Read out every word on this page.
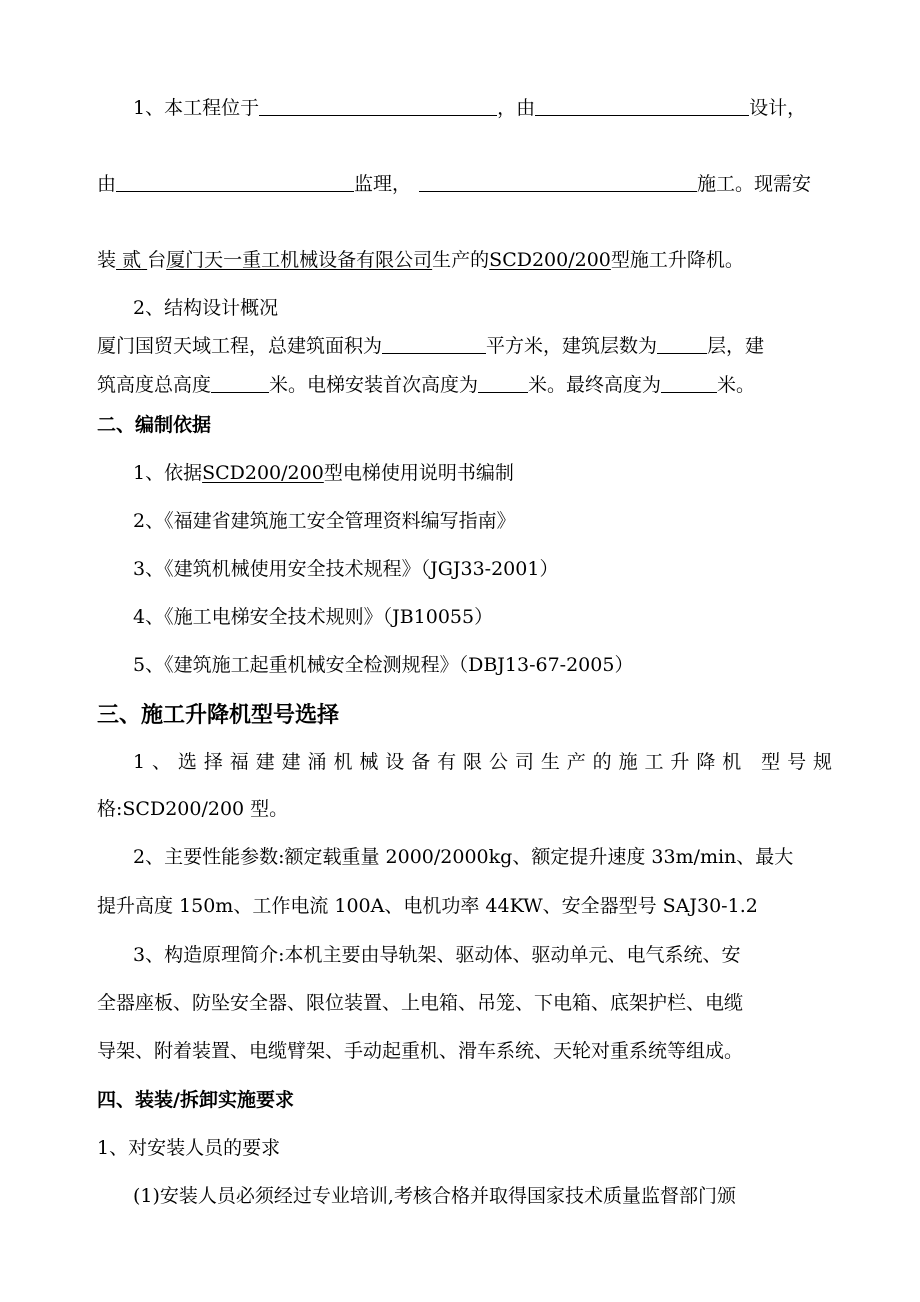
1、本工程位于	，由	设计，
由	监理，	施工。现需安
装 贰 台厦门天一重工机械设备有限公司生产的SCD200/200型施工升降机。
2、结构设计概况
厦门国贸天域工程，总建筑面积为	平方米，建筑层数为	层，建
筑高度总高度	米。电梯安装首次高度为	米。最终高度为	米。
二、编制依据
1、依据SCD200/200型电梯使用说明书编制
2、《福建省建筑施工安全管理资料编写指南》
3、《建筑机械使用安全技术规程》（JGJ33-2001）
4、《施工电梯安全技术规则》（JB10055）
5、《建筑施工起重机械安全检测规程》（DBJ13-67-2005）
三、施工升降机型号选择
1、选择福建建涌机械设备有限公司生产的施工升降机 型号规
格:SCD200/200 型。
2、主要性能参数:额定载重量 2000/2000kg、额定提升速度 33m/min、最大
提升高度 150m、工作电流 100A、电机功率 44KW、安全器型号 SAJ30-1.2
3、构造原理简介:本机主要由导轨架、驱动体、驱动单元、电气系统、安
全器座板、防坠安全器、限位装置、上电箱、吊笼、下电箱、底架护栏、电缆
导架、附着装置、电缆臂架、手动起重机、滑车系统、天轮对重系统等组成。
四、装装/拆卸实施要求
1、对安装人员的要求
(1)安装人员必须经过专业培训,考核合格并取得国家技术质量监督部门颁
